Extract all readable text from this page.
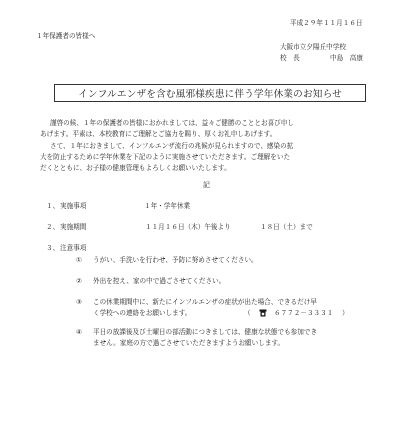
平成２９年１１月１６日
１年保護者の皆様へ
大阪市立夕陽丘中学校
校　長	中島　高康
インフルエンザを含む風邪様疾患に伴う学年休業のお知らせ
謹啓の候、１年の保護者の皆様におかれましては、益々ご健勝のこととお喜び申し
あげます。平素は、本校教育にご理解とご協力を賜り、厚くお礼申しあげます。
さて、１年におきまして、インフルエンザ流行の兆候が見られますので、感染の拡
大を防止するために学年休業を下記のように実施させていただきます。ご理解をいた
だくとともに、お子様の健康管理もよろしくお願いいたします。
記
１、 実施事項	１年・学年休業
２、 実施期間	１１月１６日（木）午後より	１８日（土）まで
３、 注意事項
① うがい、手洗いを行わせ、予防に努めさせてください。
② 外出を控え、家の中で過ごさせてください。
③ この休業期間中に、新たにインフルエンザの症状が出た場合、できるだけ早
く学校への連絡をお願いします。	（	６７７２－３３３１ ）
④ 平日の放課後及び土曜日の部活動につきましては、健康な状態でも参加でき
ません。家庭の方で過ごさせていただきますようお願いします。
